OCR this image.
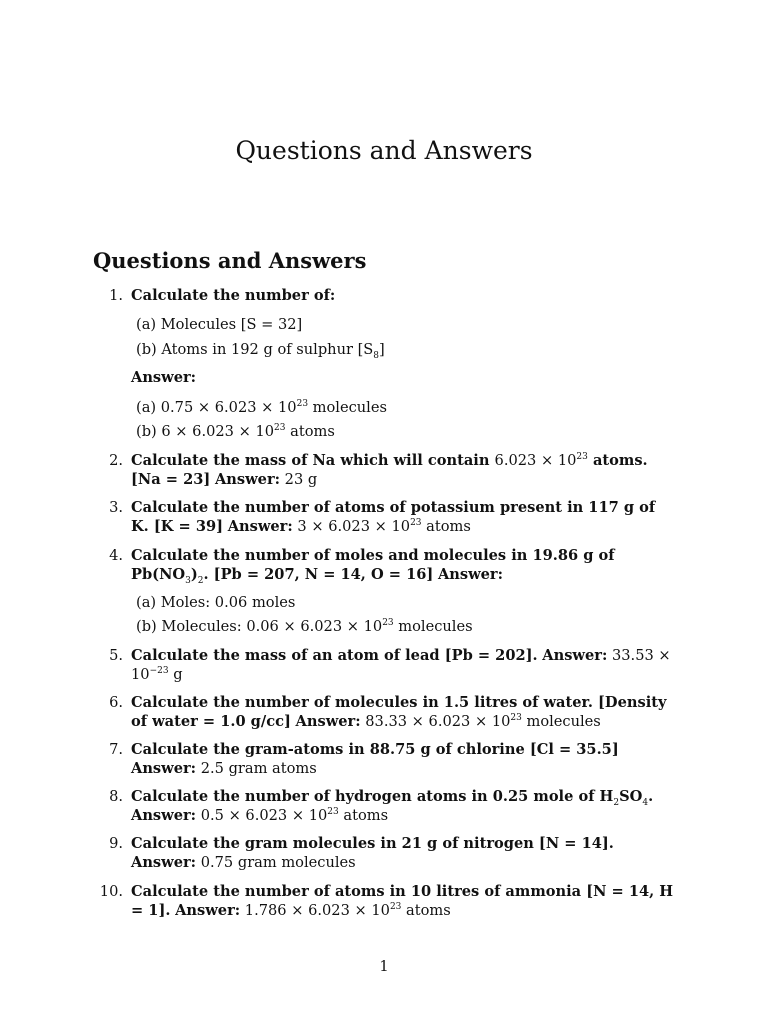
Questions and Answers
Questions and Answers
1. Calculate the number of:
(a) Molecules [S = 32]
(b) Atoms in 192 g of sulphur $[S_8]$
Answer:
(a) $0.75 \times 6.023 \times 10^{23}$ molecules
(b) $6 \times 6.023 \times 10^{23}$ atoms
2. Calculate the mass of Na which will contain $6.023 \times 10^{23}$ atoms. [Na = 23] Answer: 23 g
3. Calculate the number of atoms of potassium present in 117 g of K. [K = 39] Answer: $3 \times 6.023 \times 10^{23}$ atoms
4. Calculate the number of moles and molecules in 19.86 g of $Pb(NO_3)_2$. [Pb = 207, N = 14, O = 16] Answer:
(a) Moles: 0.06 moles
(b) Molecules: $0.06 \times 6.023 \times 10^{23}$ molecules
5. Calculate the mass of an atom of lead [Pb = 202]. Answer: $33.53 \times 10^{-23}$ g
6. Calculate the number of molecules in 1.5 litres of water. [Density of water = 1.0 g/cc] Answer: $83.33 \times 6.023 \times 10^{23}$ molecules
7. Calculate the gram-atoms in 88.75 g of chlorine [Cl = 35.5] Answer: 2.5 gram atoms
8. Calculate the number of hydrogen atoms in 0.25 mole of $H_2SO_4$. Answer: $0.5 \times 6.023 \times 10^{23}$ atoms
9. Calculate the gram molecules in 21 g of nitrogen [N = 14]. Answer: 0.75 gram molecules
10. Calculate the number of atoms in 10 litres of ammonia [N = 14, H = 1]. Answer: $1.786 \times 6.023 \times 10^{23}$ atoms
1
